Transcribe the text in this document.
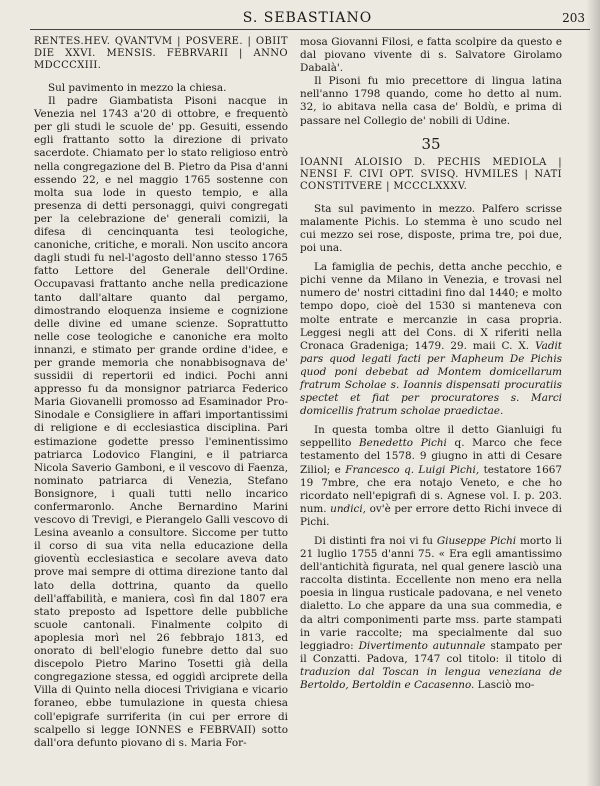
S. SEBASTIANO	203

RENTES.HEV. QVANTVM | POSVERE. | OBIIT DIE XXVI. MENSIS. FEBRVARII | ANNO MDCCCXIII.

Sul pavimento in mezzo la chiesa.

Il padre Giambatista Pisoni nacque in Venezia nel 1743 a'20 di ottobre, e frequentò per gli studi le scuole de' pp. Gesuiti, essendo egli frattanto sotto la direzione di privato sacerdote. Chiamato per lo stato religioso entrò nella congregazione del B. Pietro da Pisa d'anni essendo 22, e nel maggio 1765 sostenne con molta sua lode in questo tempio, e alla presenza di detti personaggi, quivi congregati per la celebrazione de' generali comizii, la difesa di cencinquanta tesi teologiche, canoniche, critiche, e morali. Non uscito ancora dagli studi fu nel-l'agosto dell'anno stesso 1765 fatto Lettore del Generale dell'Ordine. Occupavasi frattanto anche nella predicazione tanto dall'altare quanto dal pergamo, dimostrando eloquenza insieme e cognizione delle divine ed umane scienze. Soprattutto nelle cose teologiche e canoniche era molto innanzi, e stimato per grande ordine d'idee, e per grande memoria che nonabbisognava de' sussidii di repertorii ed indici. Pochi anni appresso fu da monsignor patriarca Federico Maria Giovanelli promosso ad Esaminador Pro-Sinodale e Consigliere in affari importantissimi di religione e di ecclesiastica disciplina. Pari estimazione godette presso l'eminentissimo patriarca Lodovico Flangini, e il patriarca Nicola Saverio Gamboni, e il vescovo di Faenza, nominato patriarca di Venezia, Stefano Bonsignore, i quali tutti nello incarico confermaronlo. Anche Bernardino Marini vescovo di Trevigi, e Pierangelo Galli vescovo di Lesina aveanlo a consultore. Siccome per tutto il corso di sua vita nella educazione della gioventù ecclesiastica e secolare aveva dato prove mai sempre di ottima direzione tanto dal lato della dottrina, quanto da quello dell'affabilità, e maniera, così fin dal 1807 era stato preposto ad Ispettore delle pubbliche scuole cantonali. Finalmente colpito di apoplesia morì nel 26 febbrajo 1813, ed onorato di bell'elogio funebre detto dal suo discepolo Pietro Marino Tosetti già della congregazione stessa, ed oggidì arciprete della Villa di Quinto nella diocesi Trivigiana e vicario foraneo, ebbe tumulazione in questa chiesa coll'epigrafe surriferita (in cui per errore di scalpello si legge IONNES e FEBRVAII) sotto dall'ora defunto piovano di s. Maria For-

mosa Giovanni Filosi, e fatta scolpire da questo e dal piovano vivente di s. Salvatore Girolamo Dabalà'.

Il Pisoni fu mio precettore di lingua latina nell'anno 1798 quando, come ho detto al num. 32, io abitava nella casa de' Boldù, e prima di passare nel Collegio de' nobili di Udine.

35

IOANNI ALOISIO D. PECHIS MEDIOLA | NENSI F. CIVI OPT. SVISQ. HVMILES | NATI CONSTITVERE | MCCCLXXXV.

Sta sul pavimento in mezzo. Palfero scrisse malamente Pichis. Lo stemma è uno scudo nel cui mezzo sei rose, disposte, prima tre, poi due, poi una.

La famiglia de pechis, detta anche pecchio, e pichi venne da Milano in Venezia, e trovasi nel numero de' nostri cittadini fino dal 1440; e molto tempo dopo, cioè del 1530 si manteneva con molte entrate e mercanzie in casa propria. Leggesi negli att del Cons. di X riferiti nella Cronaca Gradeniga; 1479. 29. maii C. X. Vadit pars quod legati facti per Mapheum De Pichis quod poni debebat ad Montem domicellarum fratrum Scholae s. Ioannis dispensati procuratiis spectet et fiat per procuratores s. Marci domicellis fratrum scholae praedictae.

In questa tomba oltre il detto Gianluigi fu seppellito Benedetto Pichi q. Marco che fece testamento del 1578. 9 giugno in atti di Cesare Ziliol; e Francesco q. Luigi Pichi, testatore 1667 19 7mbre, che era notajo Veneto, e che ho ricordato nell'epigrafi di s. Agnese vol. I. p. 203. num. undici, ov'è per errore detto Richi invece di Pichi.

Di distinti fra noi vi fu Giuseppe Pichi morto li 21 luglio 1755 d'anni 75. « Era egli amantissimo dell'antichità figurata, nel qual genere lasciò una raccolta distinta. Eccellente non meno era nella poesia in lingua rusticale padovana, e nel veneto dialetto. Lo che appare da una sua commedia, e da altri componimenti parte mss. parte stampati in varie raccolte; ma specialmente dal suo leggiadro: Divertimento autunnale stampato per il Conzatti. Padova, 1747 col titolo: il titolo di traduzion dal Toscan in lengua veneziana de Bertoldo, Bertoldin e Cacasenno. Lasciò mo-
